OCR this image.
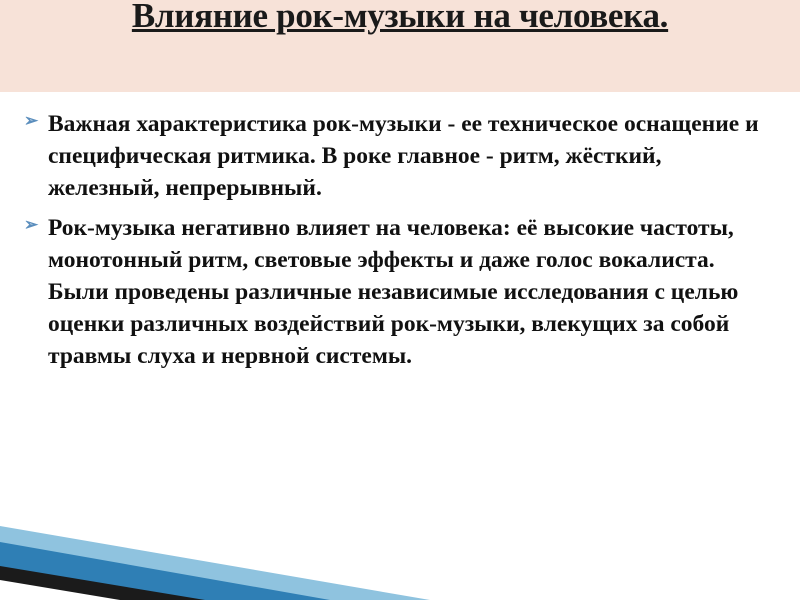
Влияние рок-музыки на человека.
➢ Важная характеристика рок-музыки - ее техническое оснащение и специфическая ритмика. В роке главное - ритм, жёсткий, железный, непрерывный.
➢ Рок-музыка негативно влияет на человека: её высокие частоты, монотонный ритм, световые эффекты и даже голос вокалиста. Были проведены различные независимые исследования с целью оценки различных воздействий рок-музыки, влекущих за собой травмы слуха и нервной системы.
